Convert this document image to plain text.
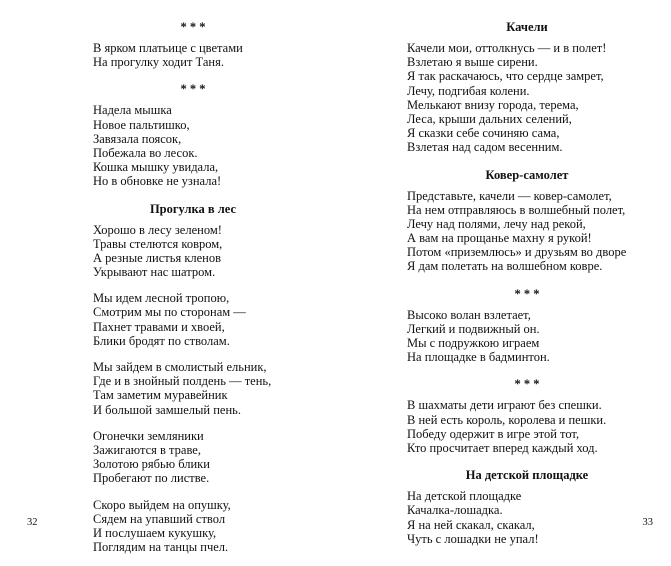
* * *
В ярком платьице с цветами
На прогулку ходит Таня.
* * *
Надела мышка
Новое пальтишко,
Завязала поясок,
Побежала во лесок.
Кошка мышку увидала,
Но в обновке не узнала!
Прогулка в лес
Хорошо в лесу зеленом!
Травы стелются ковром,
А резные листья кленов
Укрывают нас шатром.
Мы идем лесной тропою,
Смотрим мы по сторонам —
Пахнет травами и хвоей,
Блики бродят по стволам.
Мы зайдем в смолистый ельник,
Где и в знойный полдень — тень,
Там заметим муравейник
И большой замшелый пень.
Огонечки земляники
Зажигаются в траве,
Золотою рябью блики
Пробегают по листве.
Скоро выйдем на опушку,
Сядем на упавший ствол
И послушаем кукушку,
Поглядим на танцы пчел.
32
Качели
Качели мои, оттолкнусь — и в полет!
Взлетаю я выше сирени.
Я так раскачаюсь, что сердце замрет,
Лечу, подгибая колени.
Мелькают внизу города, терема,
Леса, крыши дальних селений,
Я сказки себе сочиняю сама,
Взлетая над садом весенним.
Ковер-самолет
Представьте, качели — ковер-самолет,
На нем отправляюсь в волшебный полет,
Лечу над полями, лечу над рекой,
А вам на прощанье махну я рукой!
Потом «приземлюсь» и друзьям во дворе
Я дам полетать на волшебном ковре.
* * *
Высоко волан взлетает,
Легкий и подвижный он.
Мы с подружкою играем
На площадке в бадминтон.
* * *
В шахматы дети играют без спешки.
В ней есть король, королева и пешки.
Победу одержит в игре этой тот,
Кто просчитает вперед каждый ход.
На детской площадке
На детской площадке
Качалка-лошадка.
Я на ней скакал, скакал,
Чуть с лошадки не упал!
33
